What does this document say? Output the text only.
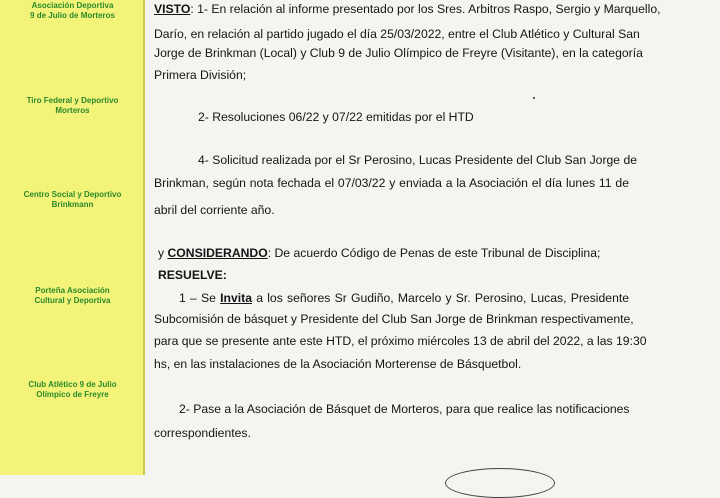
Asociación Deportiva
9 de Julio de Morteros
Tiro Federal y Deportivo
Morteros
Centro Social y Deportivo
Brinkmann
Porteña Asociación
Cultural y Deportiva
Club Atlético 9 de Julio
Olímpico de Freyre
VISTO: 1- En relación al informe presentado por los Sres. Arbitros Raspo, Sergio y Marquello,
Darío, en relación al partido jugado el día 25/03/2022, entre el Club Atlético y Cultural San
Jorge de Brinkman (Local) y Club 9 de Julio Olímpico de Freyre (Visitante), en la categoría
Primera División;
2- Resoluciones 06/22 y 07/22 emitidas por el HTD
4- Solicitud realizada por el Sr Perosino, Lucas Presidente del Club San Jorge de
Brinkman, según nota fechada el 07/03/22 y enviada a la Asociación el día lunes 11 de
abril del corriente año.
y CONSIDERANDO: De acuerdo Código de Penas de este Tribunal de Disciplina;
RESUELVE:
1 – Se Invita a los señores Sr Gudiño, Marcelo y Sr. Perosino, Lucas, Presidente
Subcomisión de básquet y Presidente del Club San Jorge de Brinkman respectivamente,
para que se presente ante este HTD, el próximo miércoles 13 de abril del 2022, a las 19:30
hs, en las instalaciones de la Asociación Morterense de Básquetbol.
2- Pase a la Asociación de Básquet de Morteros, para que realice las notificaciones
correspondientes.
